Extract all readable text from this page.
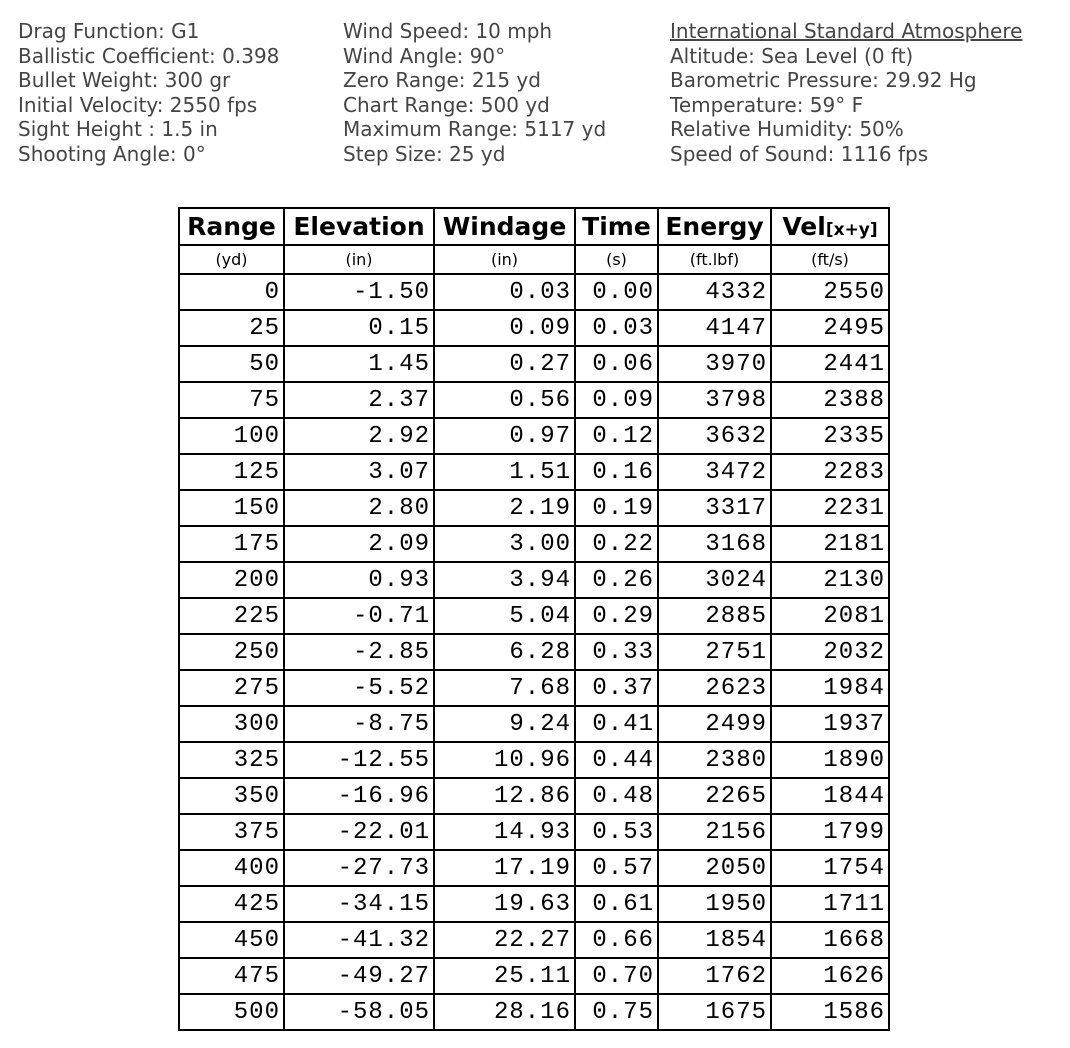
Drag Function: G1
Ballistic Coefficient: 0.398
Bullet Weight: 300 gr
Initial Velocity: 2550 fps
Sight Height : 1.5 in
Shooting Angle: 0°
Wind Speed: 10 mph
Wind Angle: 90°
Zero Range: 215 yd
Chart Range: 500 yd
Maximum Range: 5117 yd
Step Size: 25 yd
International Standard Atmosphere
Altitude: Sea Level (0 ft)
Barometric Pressure: 29.92 Hg
Temperature: 59° F
Relative Humidity: 50%
Speed of Sound: 1116 fps
Range	Elevation	Windage	Time	Energy	Vel[x+y]
(yd)	(in)	(in)	(s)	(ft.lbf)	(ft/s)
0	-1.50	0.03	0.00	4332	2550
25	0.15	0.09	0.03	4147	2495
50	1.45	0.27	0.06	3970	2441
75	2.37	0.56	0.09	3798	2388
100	2.92	0.97	0.12	3632	2335
125	3.07	1.51	0.16	3472	2283
150	2.80	2.19	0.19	3317	2231
175	2.09	3.00	0.22	3168	2181
200	0.93	3.94	0.26	3024	2130
225	-0.71	5.04	0.29	2885	2081
250	-2.85	6.28	0.33	2751	2032
275	-5.52	7.68	0.37	2623	1984
300	-8.75	9.24	0.41	2499	1937
325	-12.55	10.96	0.44	2380	1890
350	-16.96	12.86	0.48	2265	1844
375	-22.01	14.93	0.53	2156	1799
400	-27.73	17.19	0.57	2050	1754
425	-34.15	19.63	0.61	1950	1711
450	-41.32	22.27	0.66	1854	1668
475	-49.27	25.11	0.70	1762	1626
500	-58.05	28.16	0.75	1675	1586
